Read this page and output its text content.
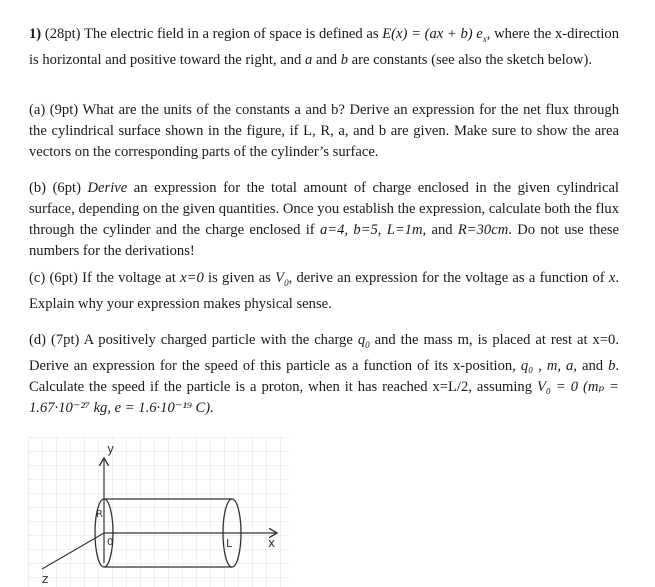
1) (28pt) The electric field in a region of space is defined as E(x) = (ax + b) $e_x$, where the x-direction is horizontal and positive toward the right, and a and b are constants (see also the sketch below).
(a) (9pt) What are the units of the constants a and b? Derive an expression for the net flux through the cylindrical surface shown in the figure, if L, R, a, and b are given. Make sure to show the area vectors on the corresponding parts of the cylinder’s surface.
(b) (6pt) Derive an expression for the total amount of charge enclosed in the given cylindrical surface, depending on the given quantities. Once you establish the expression, calculate both the flux through the cylinder and the charge enclosed if a=4, b=5, L=1m, and R=30cm. Do not use these numbers for the derivations!
(c) (6pt) If the voltage at x=0 is given as $V_0$, derive an expression for the voltage as a function of x. Explain why your expression makes physical sense.
(d) (7pt) A positively charged particle with the charge $q_0$ and the mass m, is placed at rest at x=0. Derive an expression for the speed of this particle as a function of its x-position, q₀ , m, a, and b. Calculate the speed if the particle is a proton, when it has reached x=L/2, assuming V₀ = 0 (mₚ = 1.67·10⁻²⁷ kg, e = 1.6·10⁻¹⁹ C).
y
x
z
R
0	L
